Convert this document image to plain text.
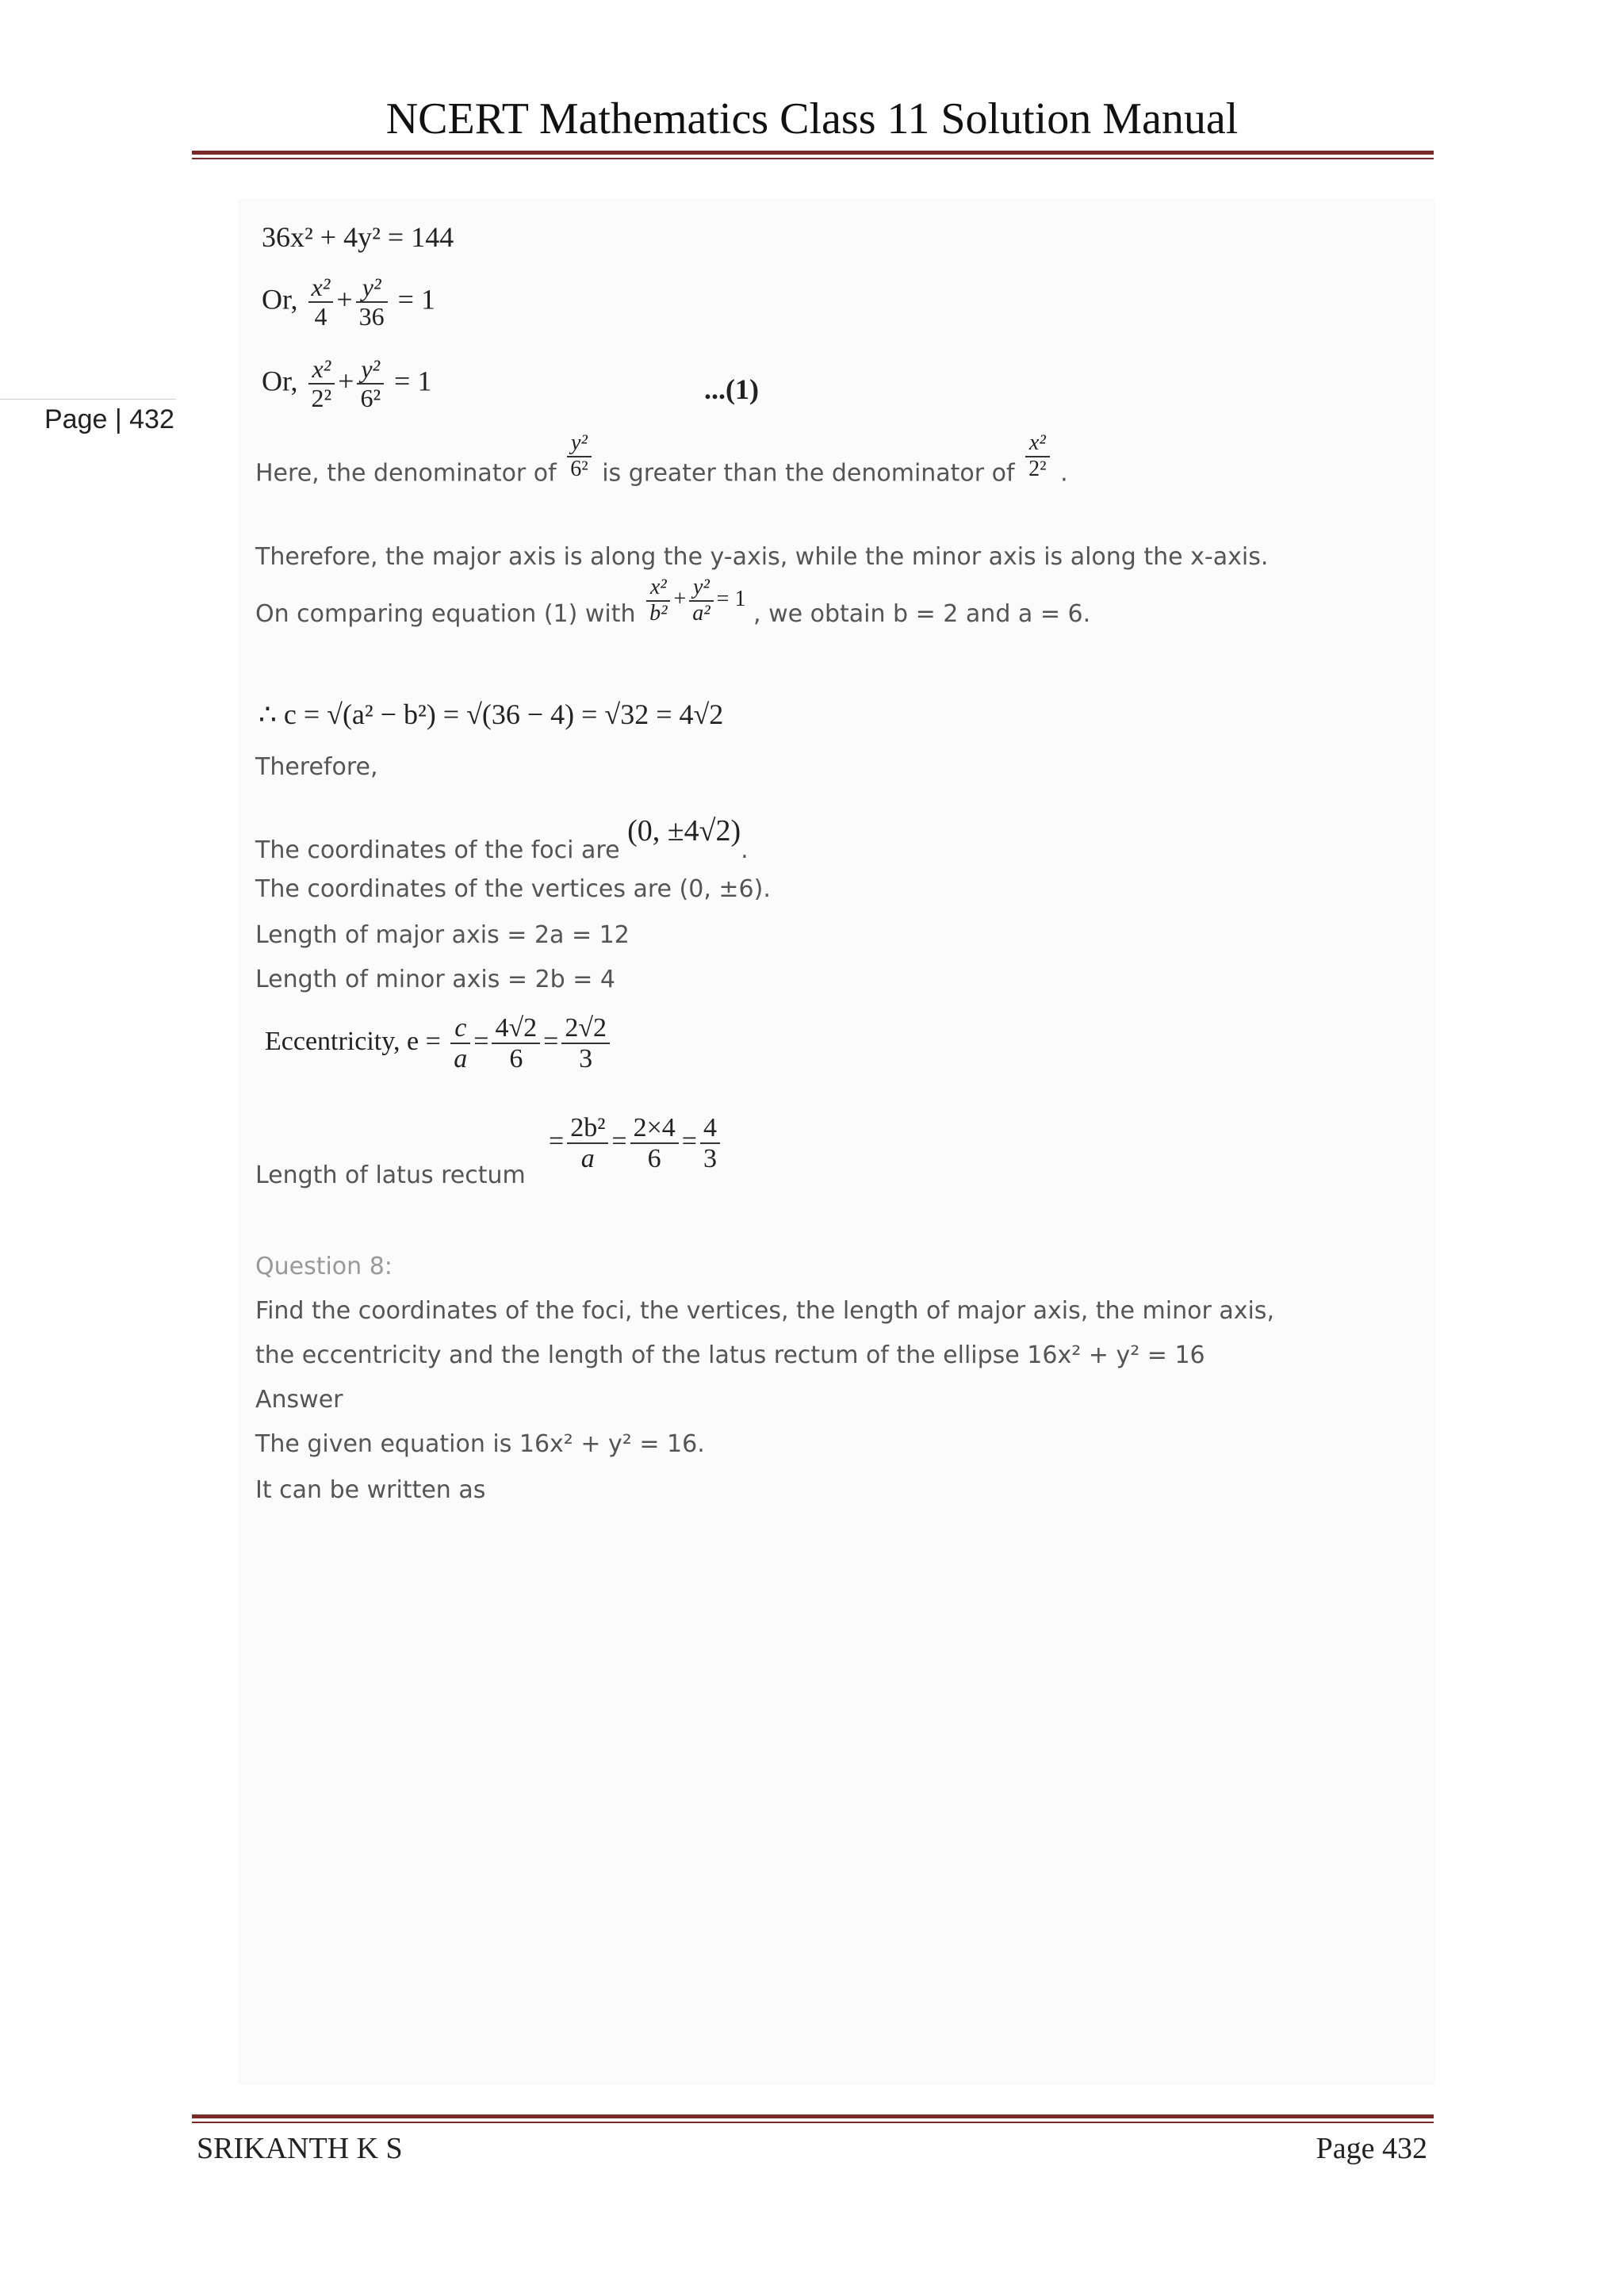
NCERT Mathematics Class 11 Solution Manual
Page | 432
36x² + 4y² = 144
Or, $\frac{\text{x²}}{4} + \frac{\text{y²}}{36} = 1$
Or, $\frac{\text{x²}}{\text{2²}} + \frac{\text{y²}}{\text{6²}} = 1$	...(1)
Here, the denominator of $\frac{\text{y²}}{\text{6²}}$ is greater than the denominator of $\frac{\text{x²}}{\text{2²}}$ .
Therefore, the major axis is along the y-axis, while the minor axis is along the x-axis.
On comparing equation (1) with $\frac{\text{x²}}{\text{b²}} + \frac{\text{y²}}{\text{a²}} = 1$ , we obtain b = 2 and a = 6.
∴ c = √(a² − b²) = √(36 − 4) = √32 = 4√2
Therefore,
The coordinates of the foci are (0, ±4√2).
The coordinates of the vertices are (0, ±6).
Length of major axis = 2a = 12
Length of minor axis = 2b = 4
Eccentricity, $e = \frac{c}{a} = \frac{4√2}{6} = \frac{2√2}{3}$
Length of latus rectum
= $\frac{\text{2b²}}{a} = \frac{2\times 4}{6} = \frac{4}{3}$
Question 8:
Find the coordinates of the foci, the vertices, the length of major axis, the minor axis,
the eccentricity and the length of the latus rectum of the ellipse 16x² + y² = 16
Answer
The given equation is 16x² + y² = 16.
It can be written as
SRIKANTH K S	Page 432
